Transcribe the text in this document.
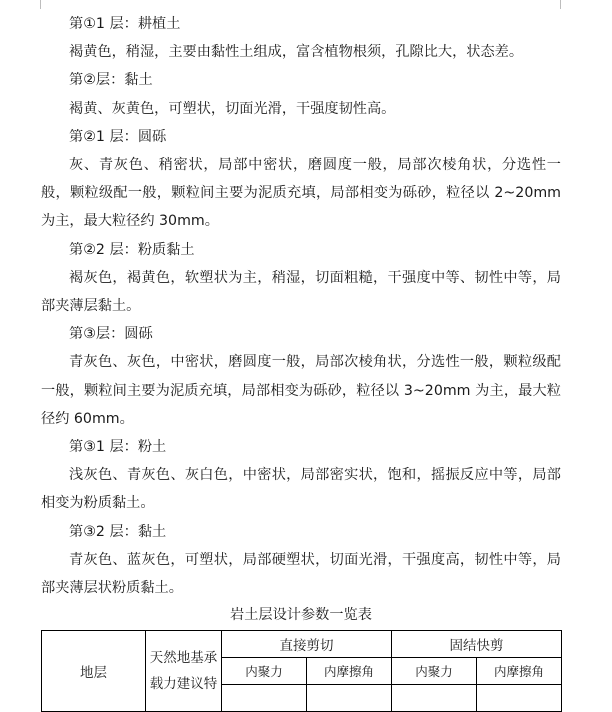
第①1 层：耕植土

褐黄色，稍湿，主要由黏性土组成，富含植物根须，孔隙比大，状态差。

第②层：黏土

褐黄、灰黄色，可塑状，切面光滑，干强度韧性高。

第②1 层：圆砾

灰、青灰色、稍密状，局部中密状，磨圆度一般，局部次棱角状，分选性一般，颗粒级配一般，颗粒间主要为泥质充填，局部相变为砾砂，粒径以 2~20mm 为主，最大粒径约 30mm。

第②2 层：粉质黏土

褐灰色，褐黄色，软塑状为主，稍湿，切面粗糙，干强度中等、韧性中等，局部夹薄层黏土。

第③层：圆砾

青灰色、灰色，中密状，磨圆度一般，局部次棱角状，分选性一般，颗粒级配一般，颗粒间主要为泥质充填，局部相变为砾砂，粒径以 3~20mm 为主，最大粒径约 60mm。

第③1 层：粉土

浅灰色、青灰色、灰白色，中密状，局部密实状，饱和，摇振反应中等，局部相变为粉质黏土。

第③2 层：黏土

青灰色、蓝灰色，可塑状，局部硬塑状，切面光滑，干强度高，韧性中等，局部夹薄层状粉质黏土。

岩土层设计参数一览表
地层	天然地基承载力建议特	直接剪切		固结快剪	
		内聚力	内摩擦角	内聚力	内摩擦角
